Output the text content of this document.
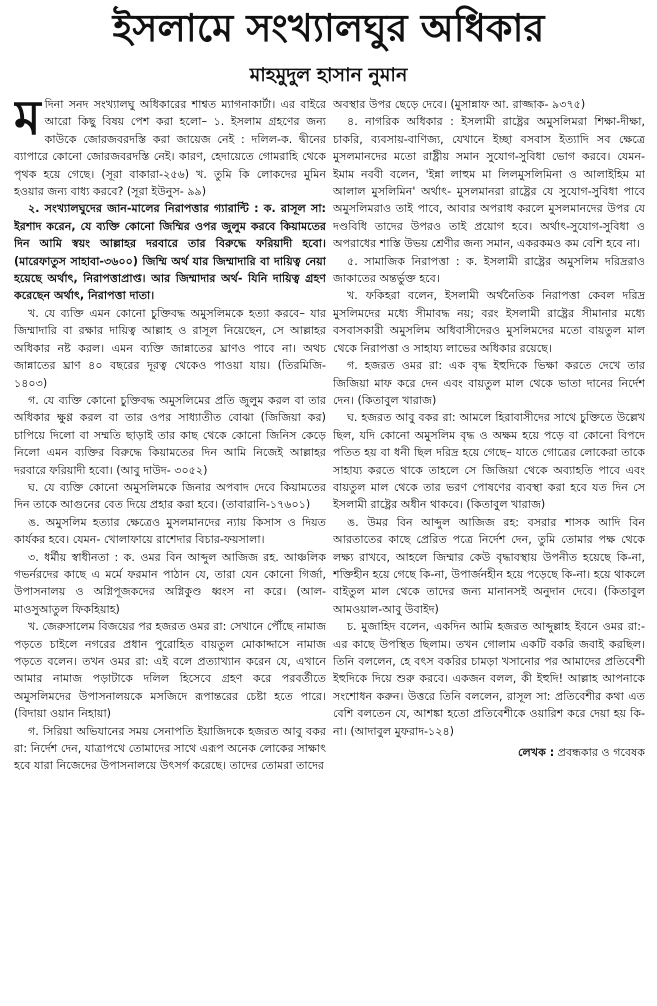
ইসলামে সংখ্যালঘুর অধিকার
মাহমুদুল হাসান নুমান

মদিনা সনদ সংখ্যালঘু অধিকারের শাশ্বত ম্যাগনাকার্টা। এর বাইরে আরো কিছু বিষয় পেশ করা হলো– ১. ইসলাম গ্রহণের জন্য কাউকে জোরজবরদস্তি করা জায়েজ নেই : দলিল-ক. দ্বীনের ব্যাপারে কোনো জোরজবরদস্তি নেই। কারণ, হেদায়েতে গোমরাহি থেকে পৃথক হয়ে গেছে। (সূরা বাকারা-২৫৬) খ. তুমি কি লোকদের মুমিন হওয়ার জন্য বাধ্য করবে? (সূরা ইউনুস- ৯৯)

২. সংখ্যালঘুদের জান-মালের নিরাপত্তার গ্যারান্টি : ক. রাসূল সা: ইরশাদ করেন, যে ব্যক্তি কোনো জিম্মির ওপর জুলুম করবে কিয়ামতের দিন আমি স্বয়ং আল্লাহর দরবারে তার বিরুদ্ধে ফরিয়াদী হবো। (মারেফাতুস সাহাবা-৩৬০০) জিম্মি অর্থ যার জিম্মাদারি বা দায়িত্ব নেয়া হয়েছে অর্থাৎ, নিরাপত্তাপ্রাপ্ত। আর জিম্মাদার অর্থ- যিনি দায়িত্ব গ্রহণ করেছেন অর্থাৎ, নিরাপত্তা দাতা।

খ. যে ব্যক্তি এমন কোনো চুক্তিবদ্ধ অমুসলিমকে হত্যা করবে– যার জিম্মাদারি বা রক্ষার দায়িত্ব আল্লাহ ও রাসূল নিয়েছেন, সে আল্লাহর অধিকার নষ্ট করল। এমন ব্যক্তি জান্নাতের ঘ্রাণও পাবে না। অথচ জান্নাতের ঘ্রাণ ৪০ বছরের দূরত্ব থেকেও পাওয়া যায়। (তিরমিজি- ১৪০৩)

গ. যে ব্যক্তি কোনো চুক্তিবদ্ধ অমুসলিমের প্রতি জুলুম করল বা তার অধিকার ক্ষুণ্ণ করল বা তার ওপর সাধ্যাতীত বোঝা (জিজিয়া কর) চাপিয়ে দিলো বা সম্মতি ছাড়াই তার কাছ থেকে কোনো জিনিস কেড়ে নিলো এমন ব্যক্তির বিরুদ্ধে কিয়ামতের দিন আমি নিজেই আল্লাহর দরবারে ফরিয়াদী হবো। (আবু দাউদ- ৩০৫২)

ঘ. যে ব্যক্তি কোনো অমুসলিমকে জিনার অপবাদ দেবে কিয়ামতের দিন তাকে আগুনের বেত দিয়ে প্রহার করা হবে। (তাবারানি-১৭৬০১)

ঙ. অমুসলিম হত্যার ক্ষেত্রেও মুসলমানদের ন্যায় কিসাস ও দিয়ত কার্যকর হবে। যেমন- খোলাফায়ে রাশেদার বিচার-ফয়সালা।

৩. ধর্মীয় স্বাধীনতা : ক. ওমর বিন আব্দুল আজিজ রহ. আঞ্চলিক গভর্নরদের কাছে এ মর্মে ফরমান পাঠান যে, তারা যেন কোনো গির্জা, উপাসনালয় ও অগ্নিপূজকদের অগ্নিকুণ্ড ধ্বংস না করে। (আল-মাওসুআতুল ফিকহিয়াহ)

খ. জেরুসালেম বিজয়ের পর হজরত ওমর রা: সেখানে পৌঁছে নামাজ পড়তে চাইলে নগরের প্রধান পুরোহিত বায়তুল মোকাদ্দাসে নামাজ পড়তে বলেন। তখন ওমর রা: এই বলে প্রত্যাখ্যান করেন যে, এখানে আমার নামাজ পড়াটাকে দলিল হিসেবে গ্রহণ করে পরবর্তীতে অমুসলিমদের উপাসনালয়কে মসজিদে রূপান্তরের চেষ্টা হতে পারে। (বিদায়া ওয়ান নিহায়া)

গ. সিরিয়া অভিযানের সময় সেনাপতি ইয়াজিদকে হজরত আবু বকর রা: নির্দেশ দেন, যাত্রাপথে তোমাদের সাথে এরূপ অনেক লোকের সাক্ষাৎ হবে যারা নিজেদের উপাসনালয়ে উৎসর্গ করেছে। তাদের তোমরা তাদের

অবস্থার উপর ছেড়ে দেবে। (মুসান্নাফ আ. রাজ্জাক- ৯৩৭৫)

৪. নাগরিক অধিকার : ইসলামী রাষ্ট্রের অমুসলিমরা শিক্ষা-দীক্ষা, চাকরি, ব্যবসায়-বাণিজ্য, যেখানে ইচ্ছা বসবাস ইত্যাদি সব ক্ষেত্রে মুসলমানদের মতো রাষ্ট্রীয় সমান সুযোগ-সুবিধা ভোগ করবে। যেমন- ইমাম নববী বলেন, 'ইন্না লাহুম মা লিলমুসলিমিনা ও আলাইহিম মা আলাল মুসলিমিন' অর্থাৎ- মুসলমানরা রাষ্ট্রের যে সুযোগ-সুবিধা পাবে অমুসলিমরাও তাই পাবে, আবার অপরাধ করলে মুসলমানদের উপর যে দণ্ডবিধি তাদের উপরও তাই প্রয়োগ হবে। অর্থাৎ-সুযোগ-সুবিধা ও অপরাধের শাস্তি উভয় শ্রেণীর জন্য সমান, একরকমও কম বেশি হবে না।

৫. সামাজিক নিরাপত্তা : ক. ইসলামী রাষ্ট্রের অমুসলিম দরিদ্ররাও জাকাতের অন্তর্ভুক্ত হবে।

খ. ফকিহরা বলেন, ইসলামী অর্থনৈতিক নিরাপত্তা কেবল দরিদ্র মুসলিমদের মধ্যে সীমাবদ্ধ নয়; বরং ইসলামী রাষ্ট্রের সীমানার মধ্যে বসবাসকারী অমুসলিম অধিবাসীদেরও মুসলিমদের মতো বায়তুল মাল থেকে নিরাপত্তা ও সাহায্য লাভের অধিকার রয়েছে।

গ. হজরত ওমর রা: এক বৃদ্ধ ইহুদিকে ভিক্ষা করতে দেখে তার জিজিয়া মাফ করে দেন এবং বায়তুল মাল থেকে ভাতা দানের নির্দেশ দেন। (কিতাবুল খারাজ)

ঘ. হজরত আবু বকর রা: আমলে হিরাবাসীদের সাথে চুক্তিতে উল্লেখ ছিল, যদি কোনো অমুসলিম বৃদ্ধ ও অক্ষম হয়ে পড়ে বা কোনো বিপদে পতিত হয় বা ধনী ছিল দরিদ্র হয়ে গেছে– যাতে গোত্রের লোকেরা তাকে সাহায্য করতে থাকে তাহলে সে জিজিয়া থেকে অব্যাহতি পাবে এবং বায়তুল মাল থেকে তার ভরণ পোষণের ব্যবস্থা করা হবে যত দিন সে ইসলামী রাষ্ট্রের অধীন থাকবে। (কিতাবুল খারাজ)

ঙ. উমর বিন আব্দুল আজিজ রহ: বসরার শাসক আদি বিন আরতাতের কাছে প্রেরিত পত্রে নির্দেশ দেন, তুমি তোমার পক্ষ থেকে লক্ষ্য রাখবে, আহলে জিম্মার কেউ বৃদ্ধাবস্থায় উপনীত হয়েছে কি-না, শক্তিহীন হয়ে গেছে কি-না, উপার্জনহীন হয়ে পড়েছে কি-না। হয়ে থাকলে বাইতুল মাল থেকে তাদের জন্য মানানসই অনুদান দেবে। (কিতাবুল আমওয়াল-আবু উবাইদ)

চ. মুজাহিদ বলেন, একদিন আমি হজরত আব্দুল্লাহ ইবনে ওমর রা:-এর কাছে উপস্থিত ছিলাম। তখন গোলাম একটি বকরি জবাই করছিল। তিনি বললেন, হে বৎস বকরির চামড়া খসানোর পর আমাদের প্রতিবেশী ইহুদিকে দিয়ে শুরু করবে। একজন বলল, কী ইহুদি! আল্লাহ আপনাকে সংশোধন করুন। উত্তরে তিনি বললেন, রাসূল সা: প্রতিবেশীর কথা এত বেশি বলতেন যে, আশঙ্কা হতো প্রতিবেশীকে ওয়ারিশ করে দেয়া হয় কি-না। (আদাবুল মুফরাদ-১২৪)

লেখক : প্রবন্ধকার ও গবেষক
